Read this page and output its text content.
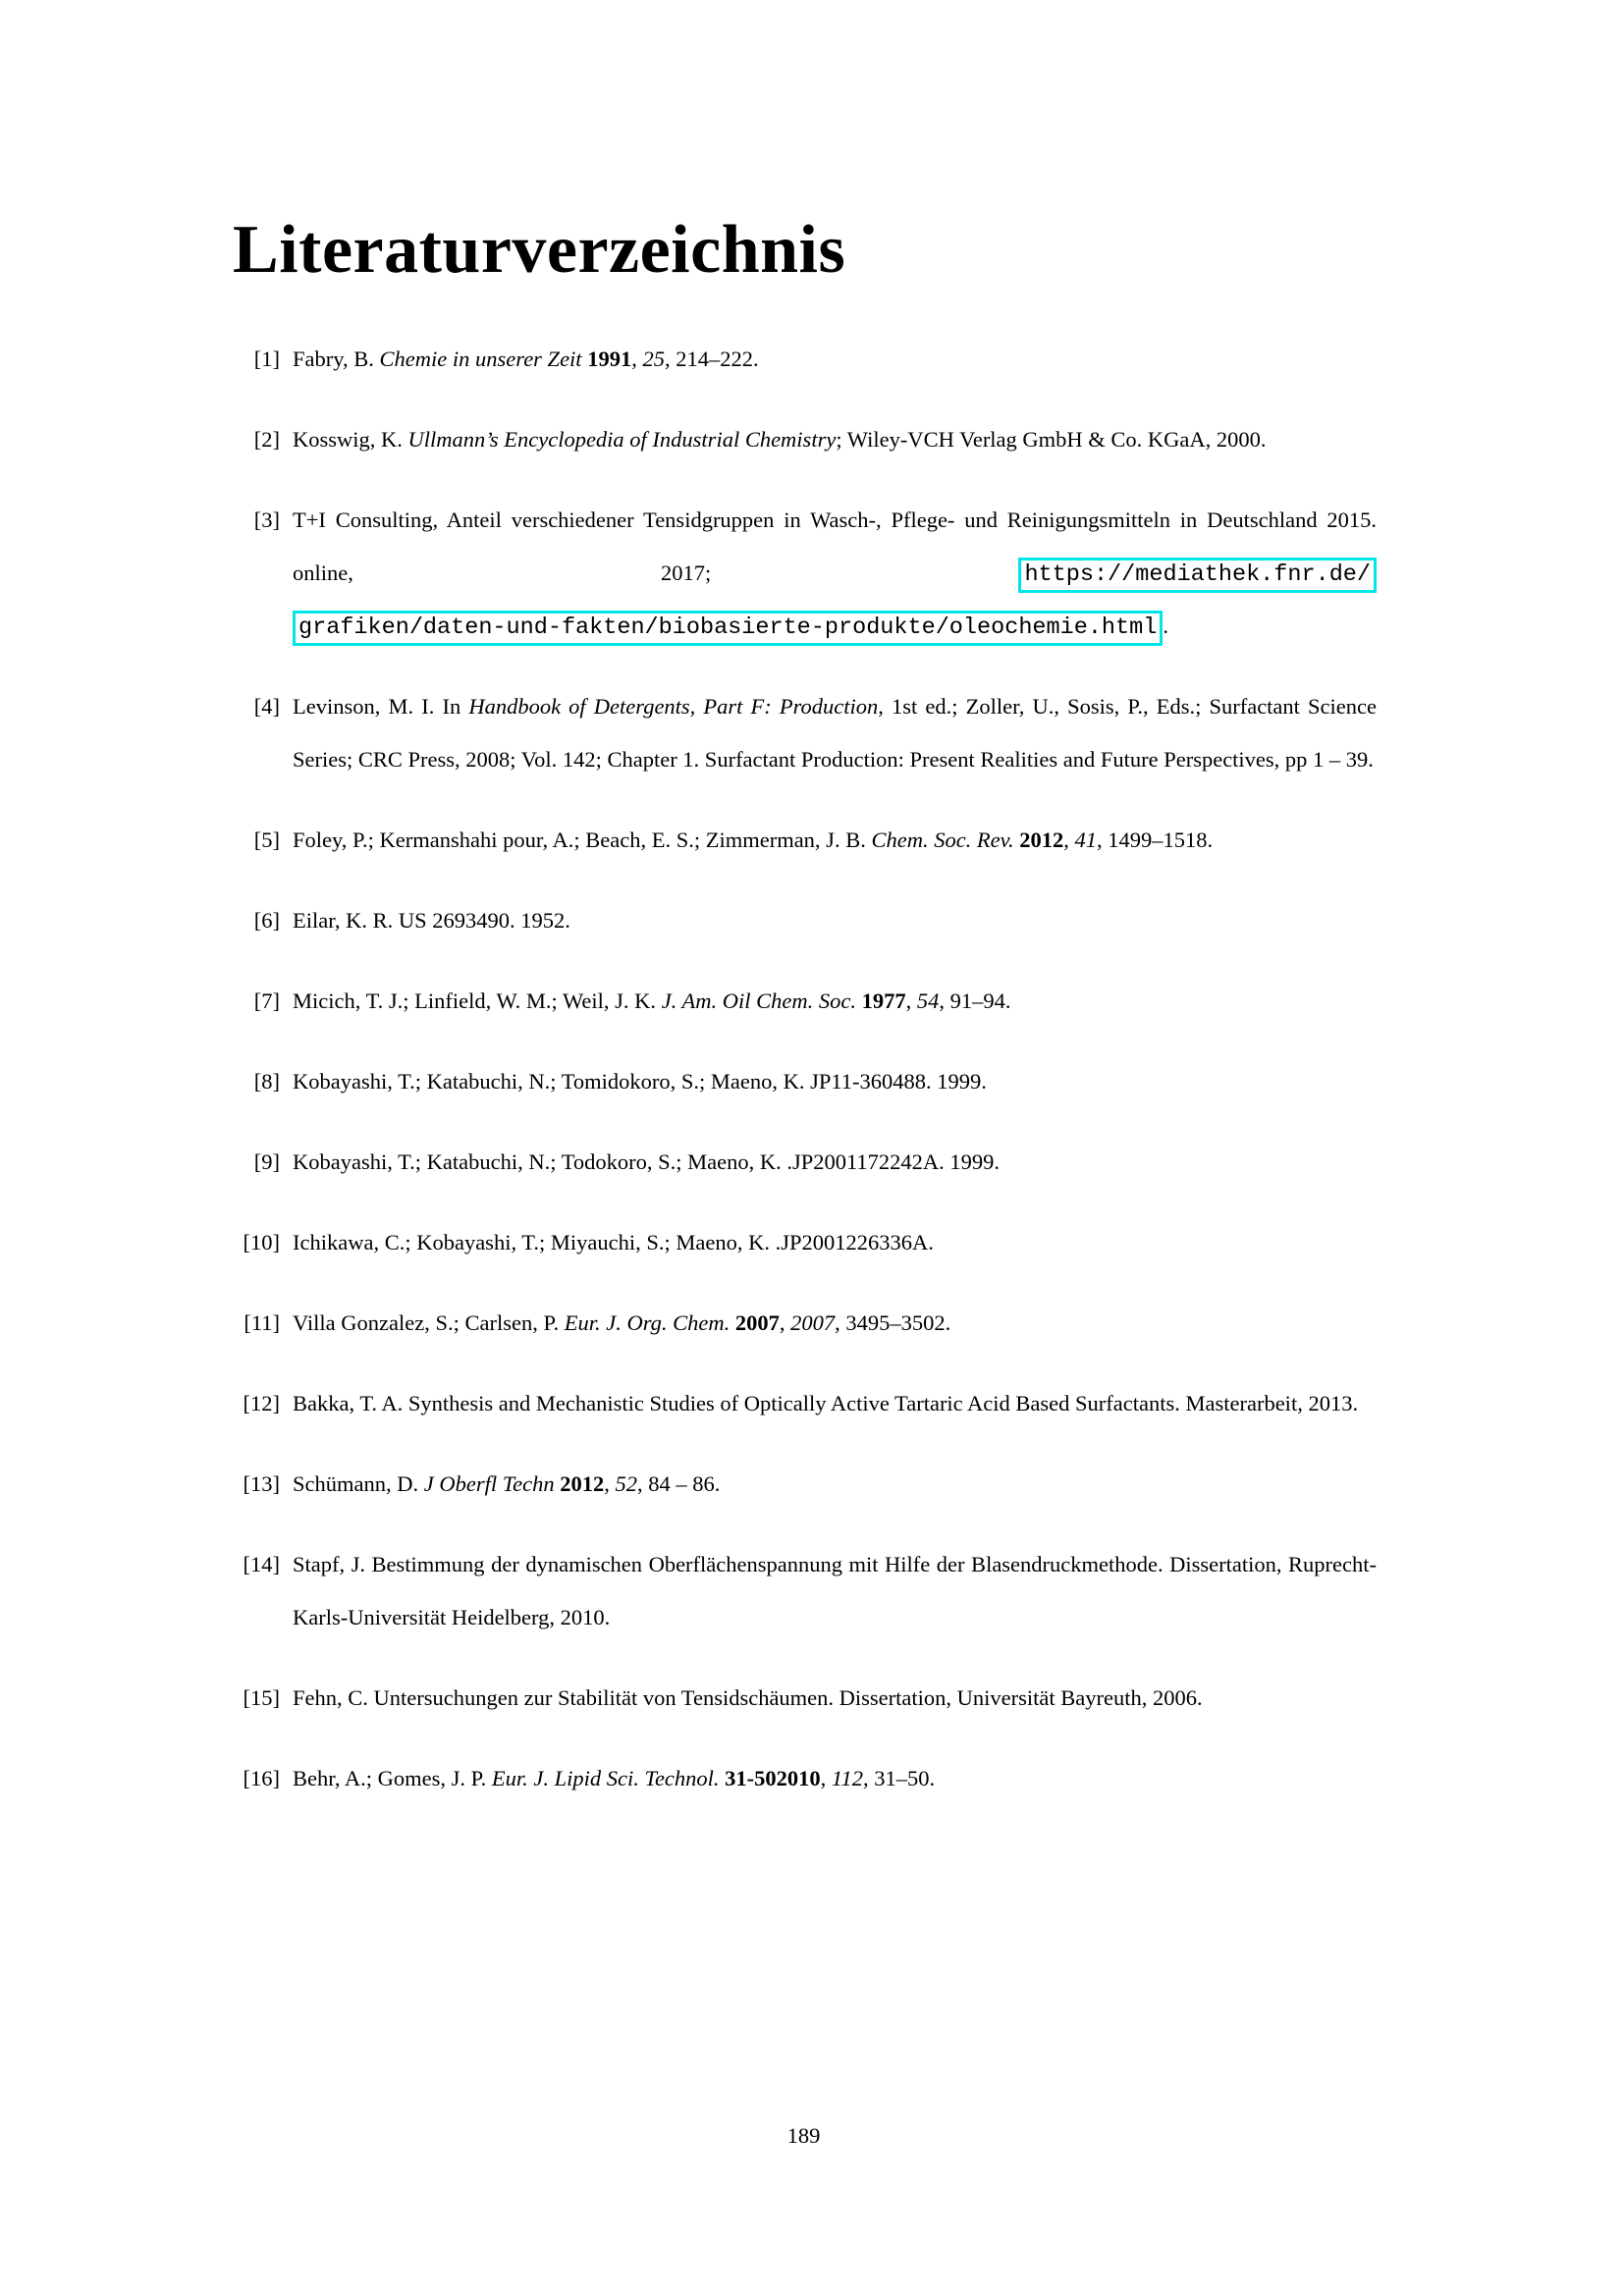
Literaturverzeichnis
[1] Fabry, B. Chemie in unserer Zeit 1991, 25, 214–222.
[2] Kosswig, K. Ullmann’s Encyclopedia of Industrial Chemistry; Wiley-VCH Verlag GmbH & Co. KGaA, 2000.
[3] T+I Consulting, Anteil verschiedener Tensidgruppen in Wasch-, Pflege- und Reinigungsmitteln in Deutschland 2015. online, 2017; https://mediathek.fnr.de/grafiken/daten-und-fakten/biobasierte-produkte/oleochemie.html .
[4] Levinson, M. I. In Handbook of Detergents, Part F: Production, 1st ed.; Zoller, U., Sosis, P., Eds.; Surfactant Science Series; CRC Press, 2008; Vol. 142; Chapter 1. Surfactant Production: Present Realities and Future Perspectives, pp 1 – 39.
[5] Foley, P.; Kermanshahi pour, A.; Beach, E. S.; Zimmerman, J. B. Chem. Soc. Rev. 2012, 41, 1499–1518.
[6] Eilar, K. R. US 2693490. 1952.
[7] Micich, T. J.; Linfield, W. M.; Weil, J. K. J. Am. Oil Chem. Soc. 1977, 54, 91–94.
[8] Kobayashi, T.; Katabuchi, N.; Tomidokoro, S.; Maeno, K. JP11-360488. 1999.
[9] Kobayashi, T.; Katabuchi, N.; Todokoro, S.; Maeno, K. .JP2001172242A. 1999.
[10] Ichikawa, C.; Kobayashi, T.; Miyauchi, S.; Maeno, K. .JP2001226336A.
[11] Villa Gonzalez, S.; Carlsen, P. Eur. J. Org. Chem. 2007, 2007, 3495–3502.
[12] Bakka, T. A. Synthesis and Mechanistic Studies of Optically Active Tartaric Acid Based Surfactants. Masterarbeit, 2013.
[13] Schümann, D. J Oberfl Techn 2012, 52, 84 – 86.
[14] Stapf, J. Bestimmung der dynamischen Oberflächenspannung mit Hilfe der Blasendruckmethode. Dissertation, Ruprecht-Karls-Universität Heidelberg, 2010.
[15] Fehn, C. Untersuchungen zur Stabilität von Tensidschäumen. Dissertation, Universität Bayreuth, 2006.
[16] Behr, A.; Gomes, J. P. Eur. J. Lipid Sci. Technol. 31-502010, 112, 31–50.
189
